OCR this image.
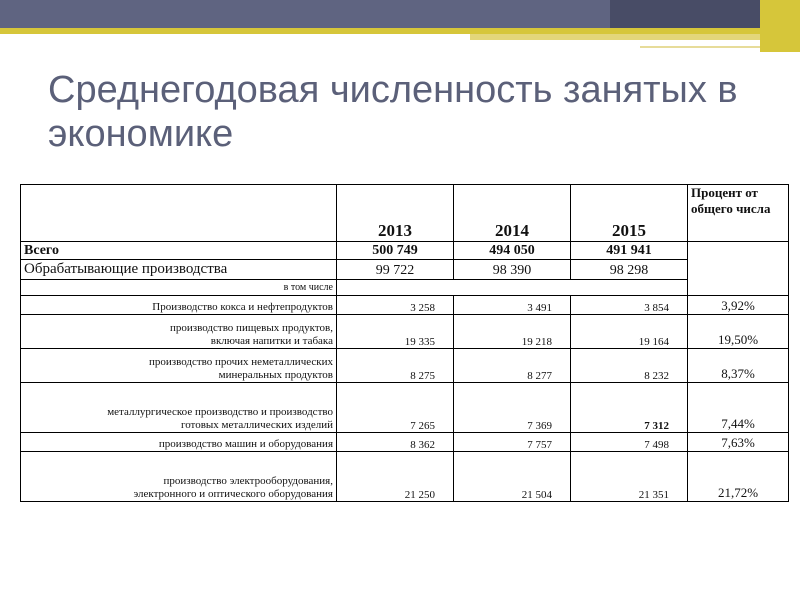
Среднегодовая численность занятых в экономике
	2013	2014	2015	Процент от общего числа
Всего	500 749	494 050	491 941	
Обрабатывающие производства	99 722	98 390	98 298	
в том числе				
Производство кокса и нефтепродуктов	3 258	3 491	3 854	3,92%
производство пищевых продуктов,
включая напитки и табака	19 335	19 218	19 164	19,50%
производство прочих неметаллических
минеральных продуктов	8 275	8 277	8 232	8,37%
металлургическое производство и производство
готовых металлических изделий	7 265	7 369	7 312	7,44%
производство машин и оборудования	8 362	7 757	7 498	7,63%
производство электрооборудования,
электронного и оптического оборудования	21 250	21 504	21 351	21,72%
